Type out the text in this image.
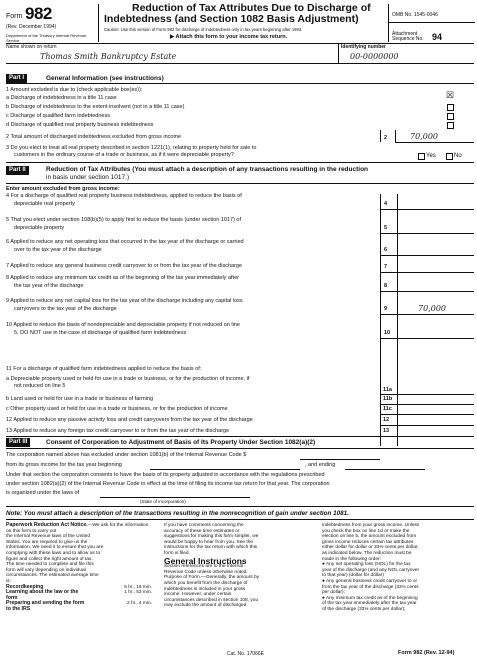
Form 982
(Rev. December 1994)
Department of the Treasury Internal Revenue Service
Reduction of Tax Attributes Due to Discharge of
Indebtedness (and Section 1082 Basis Adjustment)
Caution: Use this version of Form 982 for discharge of indebtedness only in tax years beginning after 1993.
▶ Attach this form to your income tax return.
OMB No. 1545-0046
Attachment Sequence No. 94
Name shown on return
Thomas Smith Bankruptcy Estate
Identifying number
00-0000000
Part I	General Information (see instructions)
1 Amount excluded is due to (check applicable box(es)):
a Discharge of indebtedness in a title 11 case	☒
b Discharge of indebtedness to the extent insolvent (not in a title 11 case)
c Discharge of qualified farm indebtedness
d Discharge of qualified real property business indebtedness
2 Total amount of discharged indebtedness excluded from gross income	2	70,000
3 Do you elect to treat all real property described in section 1221(1), relating to property held for sale to
customers in the ordinary course of a trade or business, as if it were depreciable property?	Yes	No
Part II	Reduction of Tax Attributes (You must attach a description of any transactions resulting in the reduction
in basis under section 1017.)
Enter amount excluded from gross income:
4 For a discharge of qualified real property business indebtedness, applied to reduce the basis of
depreciable real property	4
5 That you elect under section 108(b)(5) to apply first to reduce the basis (under section 1017) of
depreciable property	5
6 Applied to reduce any net operating loss that occurred in the tax year of the discharge or carried
over to the tax year of the discharge	6
7 Applied to reduce any general business credit carryover to or from the tax year of the discharge	7
8 Applied to reduce any minimum tax credit as of the beginning of the tax year immediately after
the tax year of the discharge	8
9 Applied to reduce any net capital loss for the tax year of the discharge including any capital loss
carryovers to the tax year of the discharge	9	70,000
10 Applied to reduce the basis of nondepreciable and depreciable property if not reduced on line
5. DO NOT use in the case of discharge of qualified farm indebtedness	10
11 For a discharge of qualified farm indebtedness applied to reduce the basis of:
a Depreciable property used or held for use in a trade or business, or for the production of income, if
not reduced on line 5
11a
b Land used or held for use in a trade or business of farming	11b
c Other property used or held for use in a trade or business, or for the production of income	11c
12 Applied to reduce any passive activity loss and credit carryovers from the tax year of the discharge	12
13 Applied to reduce any foreign tax credit carryover to or from the tax year of the discharge	13
Part III	Consent of Corporation to Adjustment of Basis of Its Property Under Section 1082(a)(2)
The corporation named above has excluded under section 1081(b) of the Internal Revenue Code $
from its gross income for the tax year beginning	, and ending
Under that section the corporation consents to have the basis of its property adjusted in accordance with the regulations prescribed
under section 1082(a)(2) of the Internal Revenue Code in effect at the time of filing its income tax return for that year. The corporation
is organized under the laws of
(State of incorporation)
Note: You must attach a description of the transactions resulting in the nonrecognition of gain under section 1081.
Paperwork Reduction Act Notice.—We ask for the information on this form to carry out
the Internal Revenue laws of the United
States. You are required to give us the
information. We need it to ensure that you are
complying with these laws and to allow us to
figure and collect the right amount of tax.
The time needed to complete and file this
form will vary depending on individual
circumstances. The estimated average time
is:
Recordkeeping	5 hr., 16 min.
Learning about the law or the form
1 hr., 53 min.
Preparing and sending the form to the IRS
2 hr., 4 min.
If you have comments concerning the
accuracy of these time estimates or
suggestions for making this form simpler, we
would be happy to hear from you. See the
instructions for the tax return with which this
form is filed.
General Instructions
Section references are to the Internal
Revenue Code unless otherwise noted.
Purpose of Form.—Generally, the amount by
which you benefit from the discharge of
indebtedness is included in your gross
income. However, under certain
circumstances described in section 108, you
may exclude the amount of discharged
indebtedness from your gross income. Unless
you check the box on line 1d or make the
election on line 5, the amount excluded from
gross income reduces certain tax attributes
either dollar for dollar or 33⅓ cents per dollar,
as indicated below. The reduction must be
made in the following order:
● Any net operating loss (NOL) for the tax
year of the discharge (and any NOL carryover
to that year) (dollar for dollar)
● Any general business credit carryover to or
from the tax year of the discharge (33⅓ cents
per dollar);
● Any minimum tax credit as of the beginning
of the tax year immediately after the tax year
of the discharge (33⅓ cents per dollar);
Cat. No. 17066E	Form 982 (Rev. 12-94)
